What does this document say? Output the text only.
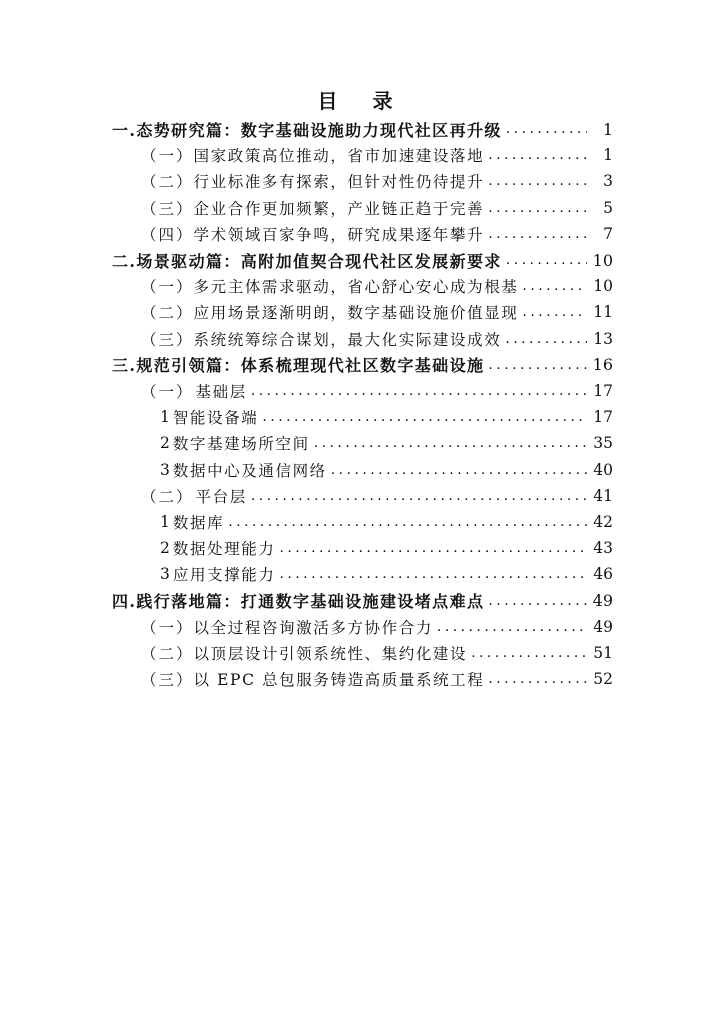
目 录
一. 态势研究篇：数字基础设施助力现代社区再升级 . . .	1
（一） 国家政策高位推动，省市加速建设落地 . . .	1
（二） 行业标准多有探索，但针对性仍待提升 . . .	3
（三） 企业合作更加频繁，产业链正趋于完善 . . .	5
（四） 学术领域百家争鸣，研究成果逐年攀升 . . .	7
二. 场景驱动篇：高附加值契合现代社区发展新要求 . . .	10
（一） 多元主体需求驱动，省心舒心安心成为根基 . . .	10
（二） 应用场景逐渐明朗，数字基础设施价值显现 . . .	11
（三） 系统统筹综合谋划，最大化实际建设成效 . . .	13
三. 规范引领篇：体系梳理现代社区数字基础设施 . . .	16
（一） 基础层 . . .	17
1 智能设备端 . . .	17
2 数字基建场所空间 . . .	35
3 数据中心及通信网络 . . .	40
（二） 平台层 . . .	41
1 数据库 . . .	42
2 数据处理能力 . . .	43
3 应用支撑能力 . . .	46
四. 践行落地篇：打通数字基础设施建设堵点难点 . . .	49
（一） 以全过程咨询激活多方协作合力 . . .	49
（二） 以顶层设计引领系统性、集约化建设 . . .	51
（三） 以 EPC 总包服务铸造高质量系统工程 . . .	52
